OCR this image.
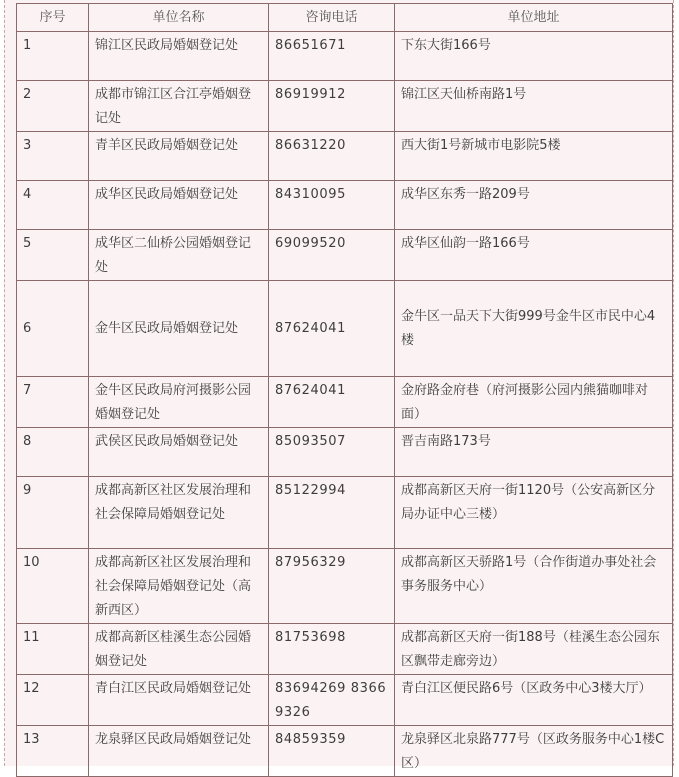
序号	单位名称	咨询电话	单位地址
1	锦江区民政局婚姻登记处	86651671	下东大街166号
2	成都市锦江区合江亭婚姻登记处	86919912	锦江区天仙桥南路1号
3	青羊区民政局婚姻登记处	86631220	西大街1号新城市电影院5楼
4	成华区民政局婚姻登记处	84310095	成华区东秀一路209号
5	成华区二仙桥公园婚姻登记处	69099520	成华区仙韵一路166号
6	金牛区民政局婚姻登记处	87624041	金牛区一品天下大街999号金牛区市民中心4楼
7	金牛区民政局府河摄影公园婚姻登记处	87624041	金府路金府巷（府河摄影公园内熊猫咖啡对面）
8	武侯区民政局婚姻登记处	85093507	晋吉南路173号
9	成都高新区社区发展治理和社会保障局婚姻登记处	85122994	成都高新区天府一街1120号（公安高新区分局办证中心三楼）
10	成都高新区社区发展治理和社会保障局婚姻登记处（高新西区）	87956329	成都高新区天骄路1号（合作街道办事处社会事务服务中心）
11	成都高新区桂溪生态公园婚姻登记处	81753698	成都高新区天府一街188号（桂溪生态公园东区飘带走廊旁边）
12	青白江区民政局婚姻登记处	83694269 83669326	青白江区便民路6号（区政务中心3楼大厅）
13	龙泉驿区民政局婚姻登记处	84859359	龙泉驿区北泉路777号（区政务服务中心1楼C区）
